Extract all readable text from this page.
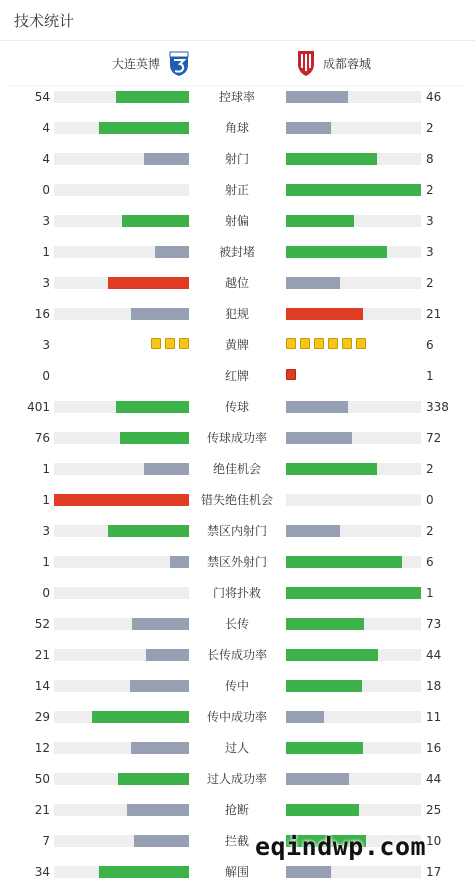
技术统计
大连英博	成都蓉城
54	控球率	46
4	角球	2
4	射门	8
0	射正	2
3	射偏	3
1	被封堵	3
3	越位	2
16	犯规	21
3	黄牌	6
0	红牌	1
401	传球	338
76	传球成功率	72
1	绝佳机会	2
1	错失绝佳机会	0
3	禁区内射门	2
1	禁区外射门	6
0	门将扑救	1
52	长传	73
21	长传成功率	44
14	传中	18
29	传中成功率	11
12	过人	16
50	过人成功率	44
21	抢断	25
7	拦截	10
34	解围	17
eqindwp.com
